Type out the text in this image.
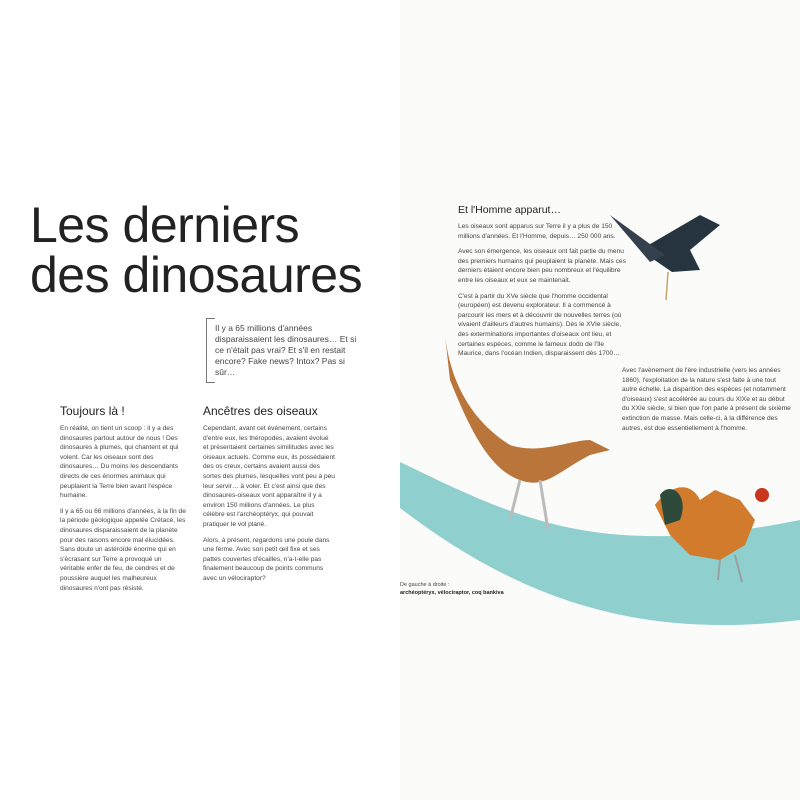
Les derniers
des dinosaures
Il y a 65 millions d'années disparaissaient les dinosaures… Et si ce n'était pas vrai? Et s'il en restait encore? Fake news? Intox? Pas si sûr…
Toujours là !

En réalité, on tient un scoop : il y a des dinosaures partout autour de nous ! Des dinosaures à plumes, qui chantent et qui volent. Car les oiseaux sont des dinosaures… Du moins les descendants directs de ces énormes animaux qui peuplaient la Terre bien avant l'espèce humaine.

Il y a 65 ou 66 millions d'années, à la fin de la période géologique appelée Crétacé, les dinosaures disparaissaient de la planète pour des raisons encore mal élucidées. Sans doute un astéroïde énorme qui en s'écrasant sur Terre a provoqué un véritable enfer de feu, de cendres et de poussière auquel les malheureux dinosaures n'ont pas résisté.

Ancêtres des oiseaux

Cependant, avant cet événement, certains d'entre eux, les théropodes, avaient évolué et présentaient certaines similitudes avec les oiseaux actuels. Comme eux, ils possédaient des os creux, certains avaient aussi des sortes des plumes, lesquelles vont peu à peu leur servir… à voler. Et c'est ainsi que des dinosaures-oiseaux vont apparaître il y a environ 150 millions d'années. Le plus célèbre est l'archéoptéryx, qui pouvait pratiquer le vol plané.

Alors, à présent, regardons une poule dans une ferme. Avec son petit œil fixe et ses pattes couvertes d'écailles, n'a-t-elle pas finalement beaucoup de points communs avec un vélociraptor?

Et l'Homme apparut…

Les oiseaux sont apparus sur Terre il y a plus de 150 millions d'années. Et l'Homme, depuis… 250 000 ans.

Avec son émergence, les oiseaux ont fait partie du menu des premiers humains qui peuplaient la planète. Mais ces derniers étaient encore bien peu nombreux et l'équilibre entre les oiseaux et eux se maintenait.

C'est à partir du XVe siècle que l'homme occidental (européen) est devenu explorateur. Il a commencé à parcourir les mers et à découvrir de nouvelles terres (où vivaient d'ailleurs d'autres humains). Dès le XVIe siècle, des exterminations importantes d'oiseaux ont lieu, et certaines espèces, comme le fameux dodo de l'île Maurice, dans l'océan Indien, disparaissent dès 1700…

Avec l'avènement de l'ère industrielle (vers les années 1860), l'exploitation de la nature s'est faite à une tout autre échelle. La disparition des espèces (et notamment d'oiseaux) s'est accélérée au cours du XIXe et au début du XXIe siècle, si bien que l'on parle à présent de sixième extinction de masse. Mais celle-ci, à la différence des autres, est due essentiellement à l'homme.

De gauche à droite :
archéoptéryx, vélociraptor, coq bankiva
